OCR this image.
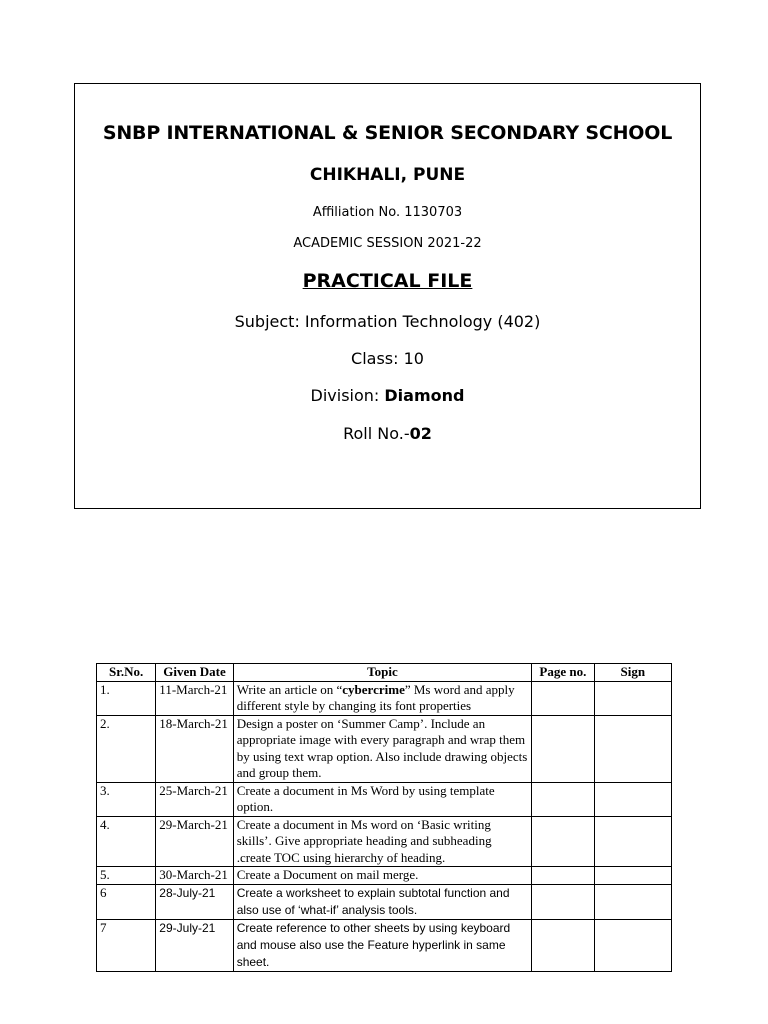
SNBP INTERNATIONAL & SENIOR SECONDARY SCHOOL
CHIKHALI, PUNE
Affiliation No. 1130703
ACADEMIC SESSION 2021-22
PRACTICAL FILE
Subject: Information Technology (402)
Class: 10
Division: Diamond
Roll No.-02
Sr.No.	Given Date	Topic	Page no.	Sign
1.	11-March-21	Write an article on “cybercrime” Ms word and apply different style by changing its font properties		
2.	18-March-21	Design a poster on ‘Summer Camp’. Include an appropriate image with every paragraph and wrap them by using text wrap option. Also include drawing objects and group them.		
3.	25-March-21	Create a document in Ms Word by using template option.		
4.	29-March-21	Create a document in Ms word on ‘Basic writing skills’. Give appropriate heading and subheading .create TOC using hierarchy of heading.		
5.	30-March-21	Create a Document on mail merge.		
6	28-July-21	Create a worksheet to explain subtotal function and also use of ‘what-if’ analysis tools.		
7	29-July-21	Create reference to other sheets by using keyboard and mouse also use the Feature hyperlink in same sheet.		
